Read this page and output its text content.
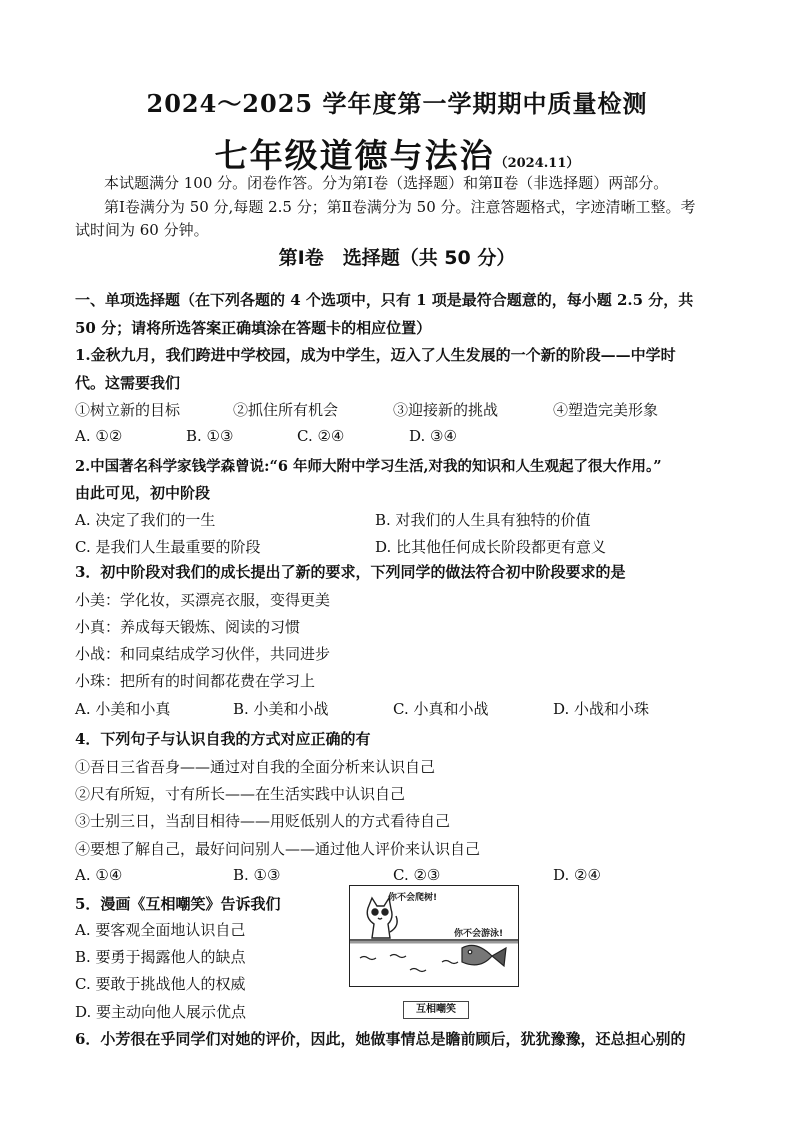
2024～2025 学年度第一学期期中质量检测
七年级道德与法治（2024.11）
本试题满分 100 分。闭卷作答。分为第Ⅰ卷（选择题）和第Ⅱ卷（非选择题）两部分。
第Ⅰ卷满分为 50 分,每题 2.5 分；第Ⅱ卷满分为 50 分。注意答题格式，字迹清晰工整。考
试时间为 60 分钟。
第Ⅰ卷　选择题（共 50 分）
一、单项选择题（在下列各题的 4 个选项中，只有 1 项是最符合题意的，每小题 2.5 分，共
50 分；请将所选答案正确填涂在答题卡的相应位置）
1.金秋九月，我们跨进中学校园，成为中学生，迈入了人生发展的一个新的阶段——中学时
代。这需要我们
①树立新的目标	②抓住所有机会	③迎接新的挑战	④塑造完美形象
A. ①②	B. ①③	C. ②④	D. ③④
2.中国著名科学家钱学森曾说:“6 年师大附中学习生活,对我的知识和人生观起了很大作用。”
由此可见，初中阶段
A. 决定了我们的一生	B. 对我们的人生具有独特的价值
C. 是我们人生最重要的阶段	D. 比其他任何成长阶段都更有意义
3．初中阶段对我们的成长提出了新的要求，下列同学的做法符合初中阶段要求的是
小美：学化妆，买漂亮衣服，变得更美
小真：养成每天锻炼、阅读的习惯
小战：和同桌结成学习伙伴，共同进步
小珠：把所有的时间都花费在学习上
A. 小美和小真	B. 小美和小战	C. 小真和小战	D. 小战和小珠
4．下列句子与认识自我的方式对应正确的有
①吾日三省吾身——通过对自我的全面分析来认识自己
②尺有所短，寸有所长——在生活实践中认识自己
③士别三日，当刮目相待——用贬低别人的方式看待自己
④要想了解自己，最好问问别人——通过他人评价来认识自己
A. ①④	B. ①③	C. ②③	D. ②④
5．漫画《互相嘲笑》告诉我们
A. 要客观全面地认识自己
B. 要勇于揭露他人的缺点
C. 要敢于挑战他人的权威
D. 要主动向他人展示优点
你不会爬树!
你不会游泳!
互相嘲笑
6．小芳很在乎同学们对她的评价，因此，她做事情总是瞻前顾后，犹犹豫豫，还总担心别的
